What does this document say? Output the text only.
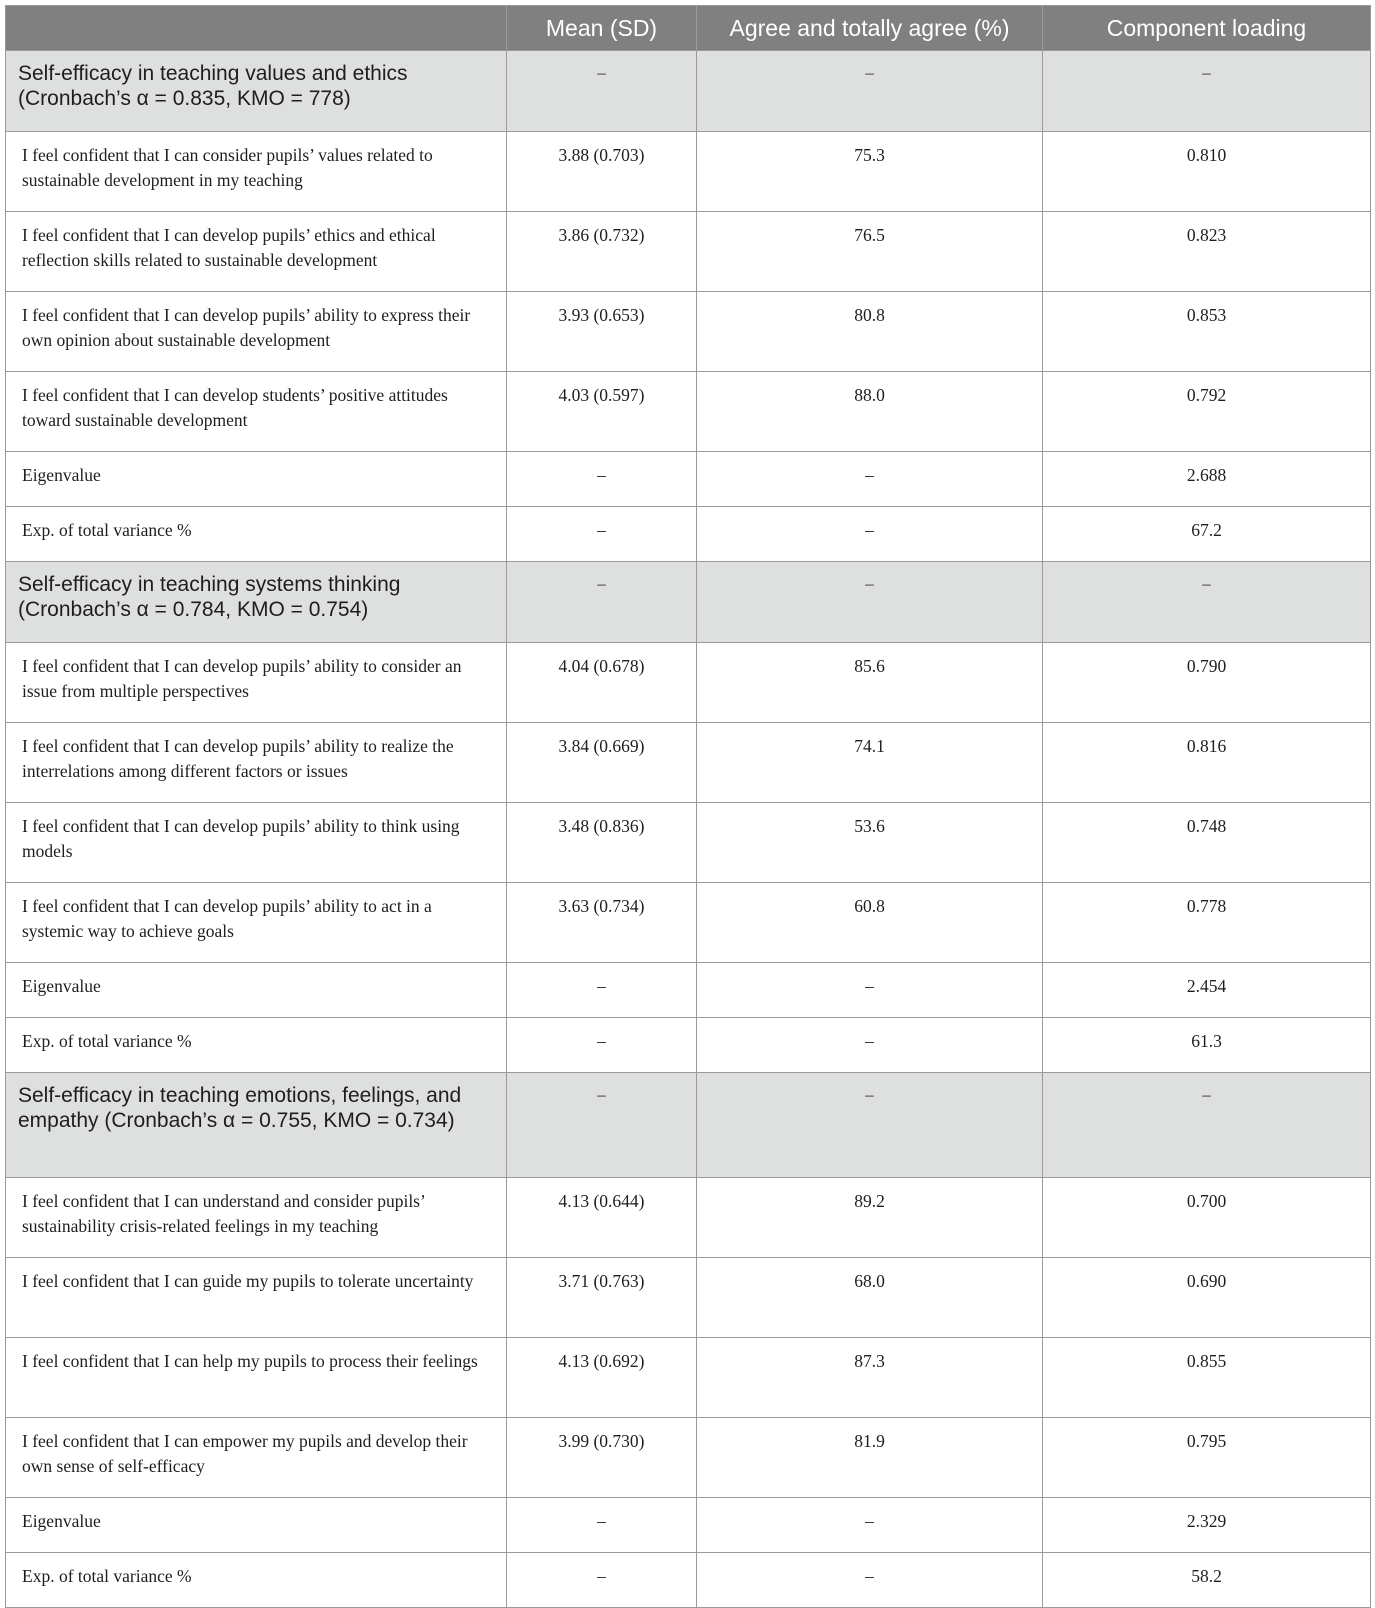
	Mean (SD)	Agree and totally agree (%)	Component loading
Self-efficacy in teaching values and ethics (Cronbach’s α = 0.835, KMO = 778)	–	–	–
I feel confident that I can consider pupils’ values related to sustainable development in my teaching	3.88 (0.703)	75.3	0.810
I feel confident that I can develop pupils’ ethics and ethical reflection skills related to sustainable development	3.86 (0.732)	76.5	0.823
I feel confident that I can develop pupils’ ability to express their own opinion about sustainable development	3.93 (0.653)	80.8	0.853
I feel confident that I can develop students’ positive attitudes toward sustainable development	4.03 (0.597)	88.0	0.792
Eigenvalue	–	–	2.688
Exp. of total variance %	–	–	67.2
Self-efficacy in teaching systems thinking (Cronbach’s α = 0.784, KMO = 0.754)	–	–	–
I feel confident that I can develop pupils’ ability to consider an issue from multiple perspectives	4.04 (0.678)	85.6	0.790
I feel confident that I can develop pupils’ ability to realize the interrelations among different factors or issues	3.84 (0.669)	74.1	0.816
I feel confident that I can develop pupils’ ability to think using models	3.48 (0.836)	53.6	0.748
I feel confident that I can develop pupils’ ability to act in a systemic way to achieve goals	3.63 (0.734)	60.8	0.778
Eigenvalue	–	–	2.454
Exp. of total variance %	–	–	61.3
Self-efficacy in teaching emotions, feelings, and empathy (Cronbach’s α = 0.755, KMO = 0.734)	–	–	–
I feel confident that I can understand and consider pupils’ sustainability crisis-related feelings in my teaching	4.13 (0.644)	89.2	0.700
I feel confident that I can guide my pupils to tolerate uncertainty	3.71 (0.763)	68.0	0.690
I feel confident that I can help my pupils to process their feelings	4.13 (0.692)	87.3	0.855
I feel confident that I can empower my pupils and develop their own sense of self-efficacy	3.99 (0.730)	81.9	0.795
Eigenvalue	–	–	2.329
Exp. of total variance %	–	–	58.2
